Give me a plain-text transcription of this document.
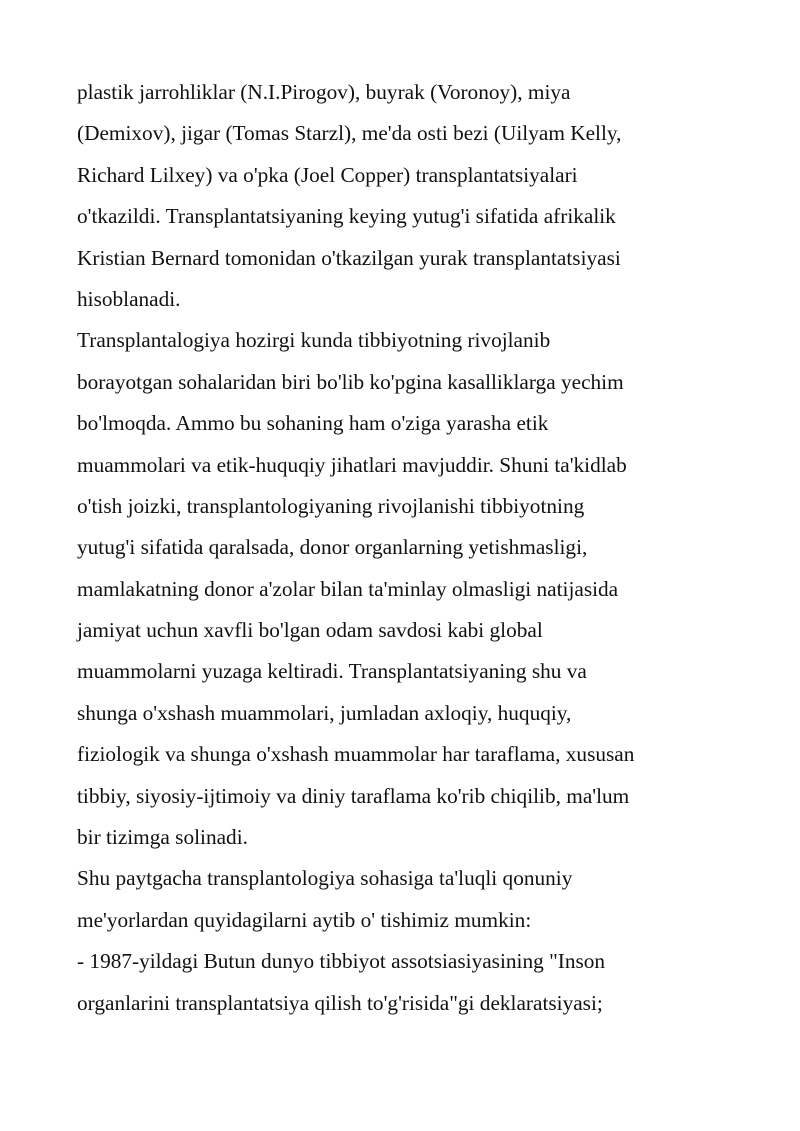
plastik jarrohliklar (N.I.Pirogov), buyrak (Voronoy), miya
(Demixov), jigar (Tomas Starzl), me'da osti bezi (Uilyam Kelly,
Richard Lilxey) va o'pka (Joel Copper) transplantatsiyalari
o'tkazildi. Transplantatsiyaning keying yutug'i sifatida afrikalik
Kristian Bernard tomonidan o'tkazilgan yurak transplantatsiyasi
hisoblanadi.
Transplantalogiya hozirgi kunda tibbiyotning rivojlanib
borayotgan sohalaridan biri bo'lib ko'pgina kasalliklarga yechim
bo'lmoqda. Ammo bu sohaning ham o'ziga yarasha etik
muammolari va etik-huquqiy jihatlari mavjuddir. Shuni ta'kidlab
o'tish joizki, transplantologiyaning rivojlanishi tibbiyotning
yutug'i sifatida qaralsada, donor organlarning yetishmasligi,
mamlakatning donor a'zolar bilan ta'minlay olmasligi natijasida
jamiyat uchun xavfli bo'lgan odam savdosi kabi global
muammolarni yuzaga keltiradi. Transplantatsiyaning shu va
shunga o'xshash muammolari, jumladan axloqiy, huquqiy,
fiziologik va shunga o'xshash muammolar har taraflama, xususan
tibbiy, siyosiy-ijtimoiy va diniy taraflama ko'rib chiqilib, ma'lum
bir tizimga solinadi.
Shu paytgacha transplantologiya sohasiga ta'luqli qonuniy
me'yorlardan quyidagilarni aytib o' tishimiz mumkin:
- 1987-yildagi Butun dunyo tibbiyot assotsiasiyasining "Inson
organlarini transplantatsiya qilish to'g'risida"gi deklaratsiyasi;
